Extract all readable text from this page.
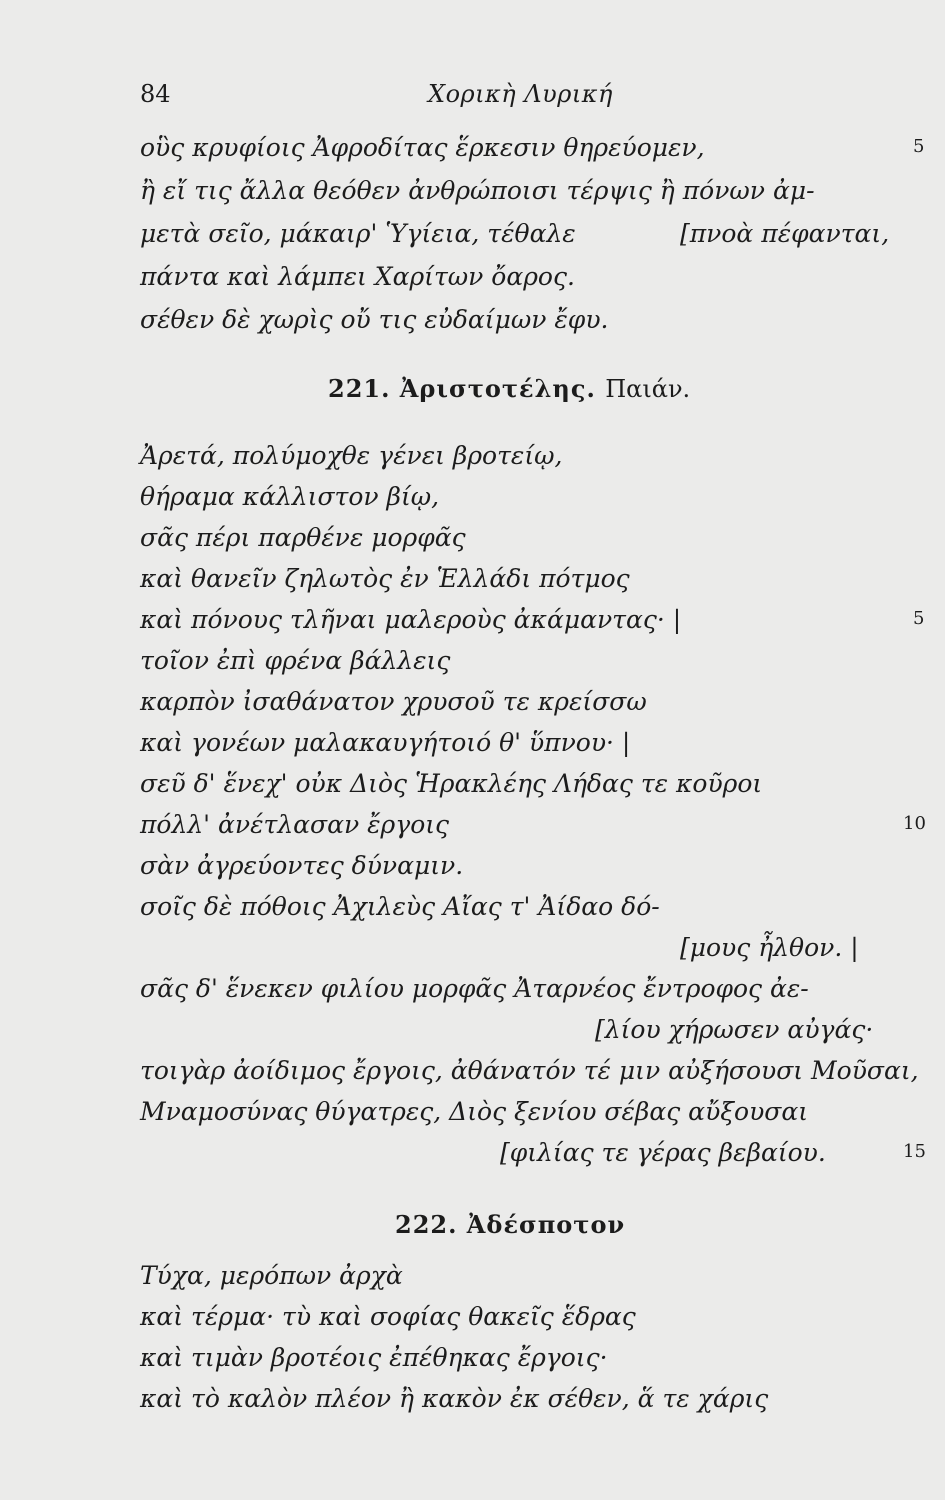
84	Χορικὴ Λυρική
οὓς κρυφίοις Ἀφροδίτας ἕρκεσιν θηρεύομεν,
ἢ εἴ τις ἄλλα θεόθεν ἀνθρώποισι τέρψις ἢ πόνων ἀμ-
μετὰ σεῖο, μάκαιρ' Ὑγίεια, τέθαλε	[πνοὰ πέφανται,
πάντα καὶ λάμπει Χαρίτων ὄαρος.
σέθεν δὲ χωρὶς οὔ τις εὐδαίμων ἔφυ.
5
221. Ἀριστοτέλης. Παιάν.
Ἀρετά, πολύμοχθε γένει βροτείῳ,
θήραμα κάλλιστον βίῳ,
σᾶς πέρι παρθένε μορφᾶς
καὶ θανεῖν ζηλωτὸς ἐν Ἑλλάδι πότμος
καὶ πόνους τλῆναι μαλεροὺς ἀκάμαντας· |	5
τοῖον ἐπὶ φρένα βάλλεις
καρπὸν ἰσαθάνατον χρυσοῦ τε κρείσσω
καὶ γονέων μαλακαυγήτοιό θ' ὕπνου· |
σεῦ δ' ἕνεχ' οὐκ Διὸς Ἡρακλέης Λήδας τε κοῦροι
πόλλ' ἀνέτλασαν ἔργοις	10
σὰν ἀγρεύοντες δύναμιν.
σοῖς δὲ πόθοις Ἀχιλεὺς Αἴας τ' Ἀίδαο δό-
[μους ἦλθον. |
σᾶς δ' ἕνεκεν φιλίου μορφᾶς Ἀταρνέος ἔντροφος ἀε-
[λίου χήρωσεν αὐγάς·
τοιγὰρ ἀοίδιμος ἔργοις, ἀθάνατόν τέ μιν αὐξήσουσι Μοῦσαι,
Μναμοσύνας θύγατρες, Διὸς ξενίου σέβας αὔξουσαι
[φιλίας τε γέρας βεβαίου.	15
222. Ἀδέσποτον
Τύχα, μερόπων ἀρχὰ
καὶ τέρμα· τὺ καὶ σοφίας θακεῖς ἕδρας
καὶ τιμὰν βροτέοις ἐπέθηκας ἔργοις·
καὶ τὸ καλὸν πλέον ἢ κακὸν ἐκ σέθεν, ἅ τε χάρις
